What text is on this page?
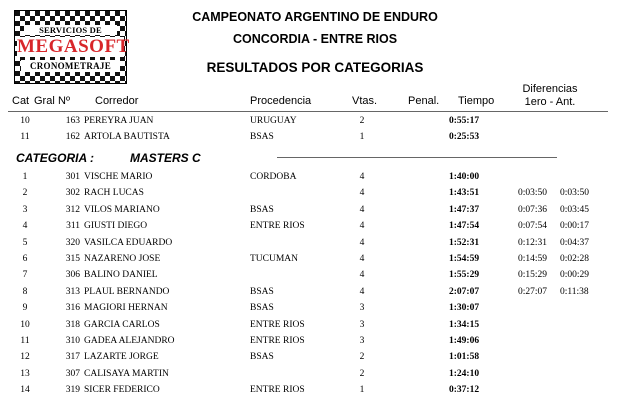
SERVICIOS DE
MEGASOFT
CRONOMETRAJE
CAMPEONATO ARGENTINO DE ENDURO
CONCORDIA - ENTRE RIOS
RESULTADOS POR CATEGORIAS
Cat Gral Nº Corredor	Procedencia	Vtas.	Penal. Tiempo
Diferencias
1ero - Ant.
10	163 PEREYRA JUAN	URUGUAY	2	0:55:17
11	162 ARTOLA BAUTISTA	BSAS	1	0:25:53
CATEGORIA :	MASTERS C
1	301 VISCHE MARIO	CORDOBA	4	1:40:00
2	302 RACH LUCAS	4	1:43:51	0:03:50	0:03:50
3	312 VILOS MARIANO	BSAS	4	1:47:37	0:07:36	0:03:45
4	311 GIUSTI DIEGO	ENTRE RIOS	4	1:47:54	0:07:54	0:00:17
5	320 VASILCA EDUARDO	4	1:52:31	0:12:31	0:04:37
6	315 NAZARENO JOSE	TUCUMAN	4	1:54:59	0:14:59	0:02:28
7	306 BALINO DANIEL	4	1:55:29	0:15:29	0:00:29
8	313 PLAUL BERNANDO	BSAS	4	2:07:07	0:27:07	0:11:38
9	316 MAGIORI HERNAN	BSAS	3	1:30:07
10	318 GARCIA CARLOS	ENTRE RIOS	3	1:34:15
11	310 GADEA ALEJANDRO	ENTRE RIOS	3	1:49:06
12	317 LAZARTE JORGE	BSAS	2	1:01:58
13	307 CALISAYA MARTIN	2	1:24:10
14	319 SICER FEDERICO	ENTRE RIOS	1	0:37:12
